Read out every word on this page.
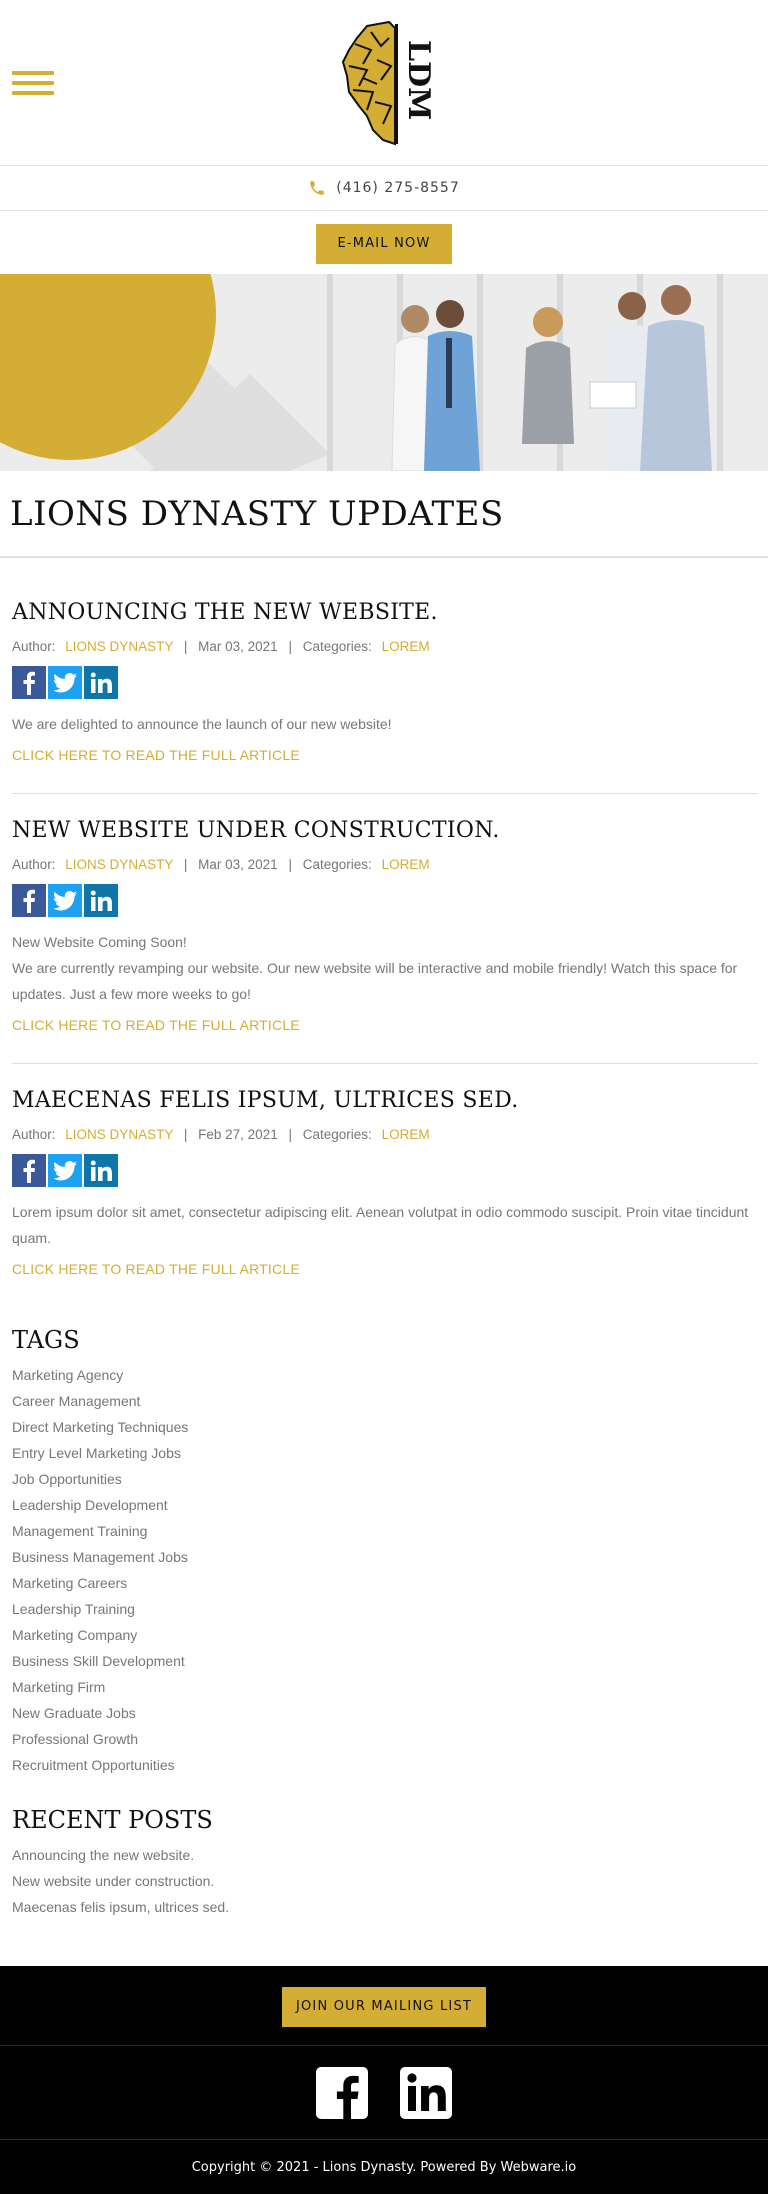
LDM
(416) 275-8557
E-MAIL NOW
LIONS DYNASTY UPDATES
ANNOUNCING THE NEW WEBSITE.
Author: LIONS DYNASTY | Mar 03, 2021 | Categories: LOREM

We are delighted to announce the launch of our new website!

CLICK HERE TO READ THE FULL ARTICLE
NEW WEBSITE UNDER CONSTRUCTION.
Author: LIONS DYNASTY | Mar 03, 2021 | Categories: LOREM

New Website Coming Soon!

We are currently revamping our website. Our new website will be interactive and mobile friendly! Watch this space for updates. Just a few more weeks to go!

CLICK HERE TO READ THE FULL ARTICLE
MAECENAS FELIS IPSUM, ULTRICES SED.
Author: LIONS DYNASTY | Feb 27, 2021 | Categories: LOREM

Lorem ipsum dolor sit amet, consectetur adipiscing elit. Aenean volutpat in odio commodo suscipit. Proin vitae tincidunt quam.

CLICK HERE TO READ THE FULL ARTICLE
TAGS
Marketing Agency
Career Management
Direct Marketing Techniques
Entry Level Marketing Jobs
Job Opportunities
Leadership Development
Management Training
Business Management Jobs
Marketing Careers
Leadership Training
Marketing Company
Business Skill Development
Marketing Firm
New Graduate Jobs
Professional Growth
Recruitment Opportunities
RECENT POSTS
Announcing the new website.
New website under construction.
Maecenas felis ipsum, ultrices sed.
JOIN OUR MAILING LIST
Copyright © 2021 - Lions Dynasty. Powered By Webware.io
